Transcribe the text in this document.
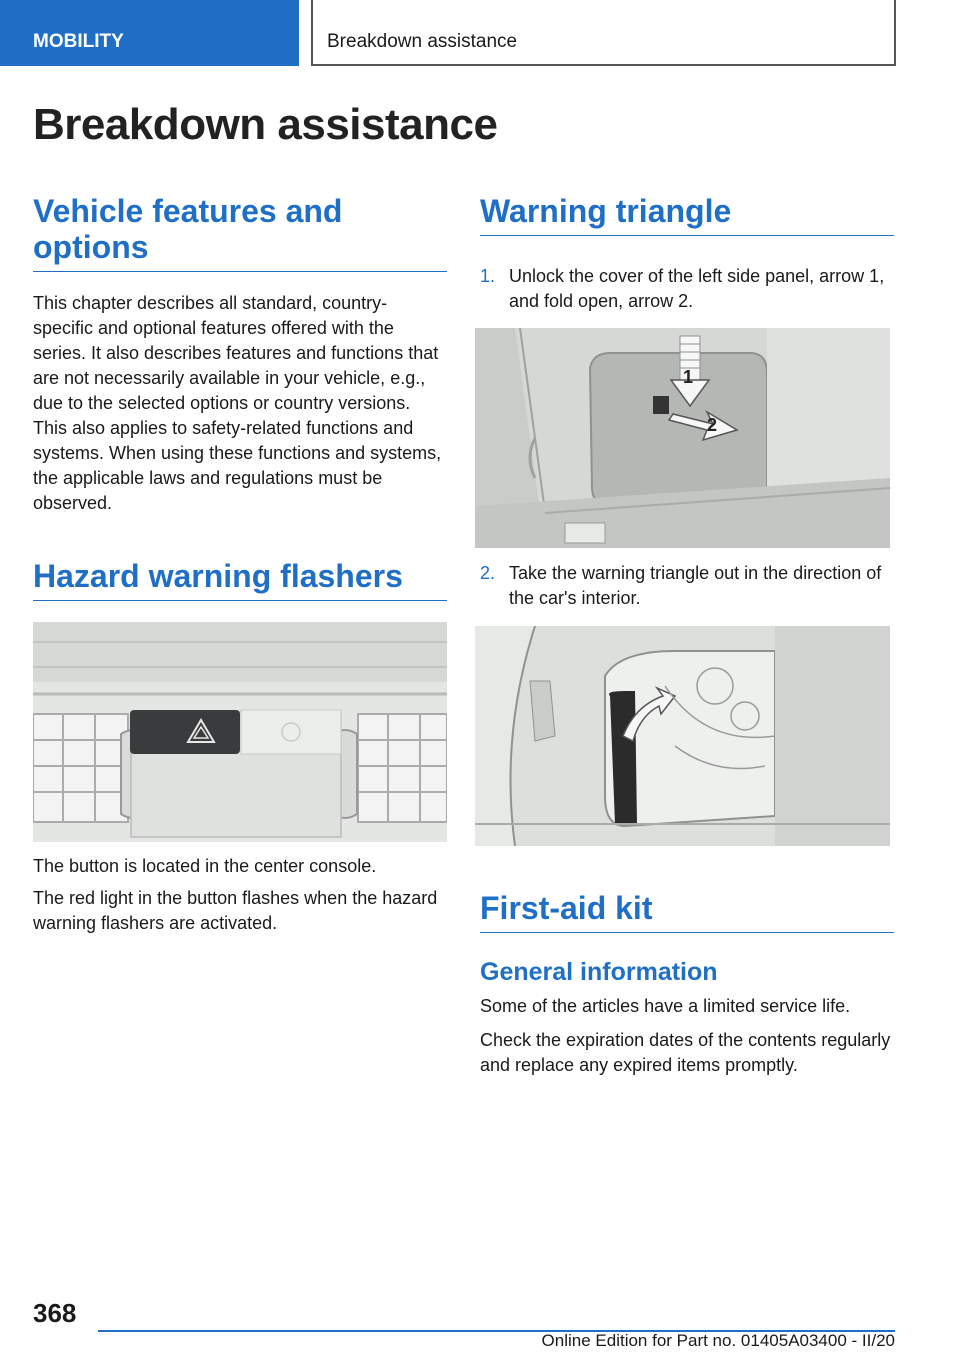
MOBILITY	Breakdown assistance
Breakdown assistance
Vehicle features and options

This chapter describes all standard, country-specific and optional features offered with the series. It also describes features and functions that are not necessarily available in your vehicle, e.g., due to the selected options or country versions. This also applies to safety-related functions and systems. When using these functions and systems, the applicable laws and regulations must be observed.

Hazard warning flashers

The button is located in the center console.

The red light in the button flashes when the hazard warning flashers are activated.

Warning triangle
1. Unlock the cover of the left side panel, arrow 1, and fold open, arrow 2.
1
2
2. Take the warning triangle out in the direction of the car's interior.
First-aid kit
General information

Some of the articles have a limited service life.

Check the expiration dates of the contents regularly and replace any expired items promptly.

368
Online Edition for Part no. 01405A03400 - II/20
